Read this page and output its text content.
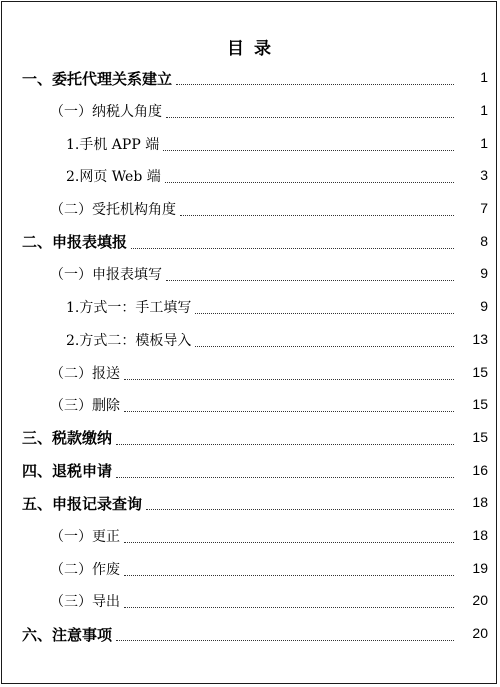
目 录
一、委托代理关系建立	1
（一）纳税人角度	1
1.手机 APP 端	1
2.网页 Web 端	3
（二）受托机构角度	7
二、申报表填报	8
（一）申报表填写	9
1.方式一：手工填写	9
2.方式二：模板导入	13
（二）报送	15
（三）删除	15
三、税款缴纳	15
四、退税申请	16
五、申报记录查询	18
（一）更正	18
（二）作废	19
（三）导出	20
六、注意事项	20
